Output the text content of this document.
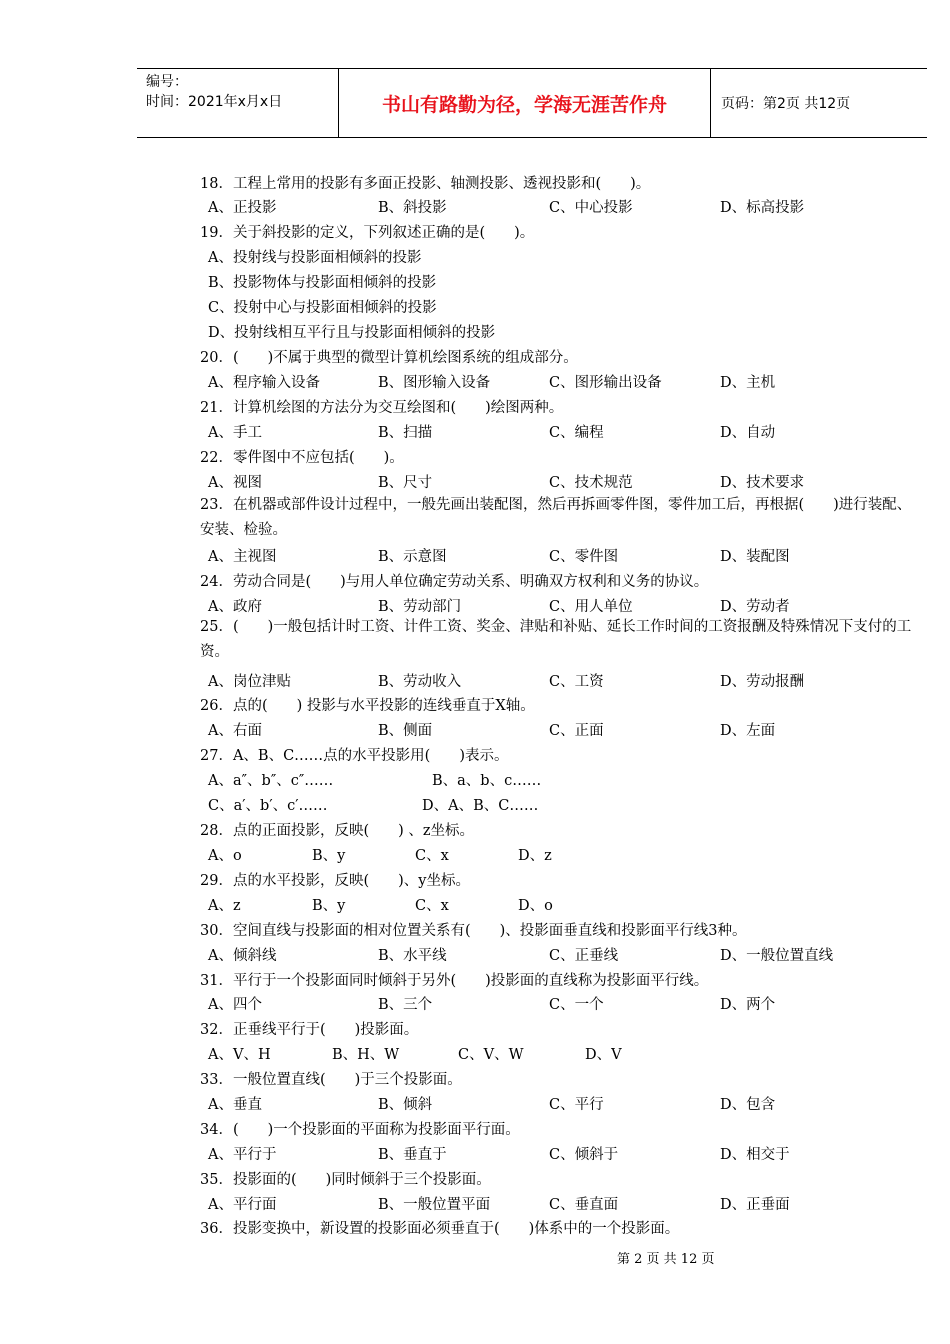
编号：
时间：2021年x月x日	书山有路勤为径，学海无涯苦作舟	页码：第2页 共12页
18．工程上常用的投影有多面正投影、轴测投影、透视投影和(　　)。
A、正投影	B、斜投影	C、中心投影	D、标高投影
19．关于斜投影的定义，下列叙述正确的是(　　)。
A、投射线与投影面相倾斜的投影
B、投影物体与投影面相倾斜的投影
C、投射中心与投影面相倾斜的投影
D、投射线相互平行且与投影面相倾斜的投影
20．(　　)不属于典型的微型计算机绘图系统的组成部分。
A、程序输入设备	B、图形输入设备	C、图形输出设备	D、主机
21．计算机绘图的方法分为交互绘图和(　　)绘图两种。
A、手工	B、扫描	C、编程	D、自动
22．零件图中不应包括(　　)。
A、视图	B、尺寸	C、技术规范	D、技术要求
23．在机器或部件设计过程中，一般先画出装配图，然后再拆画零件图，零件加工后，再根据(　　)进行装配、安装、检验。
A、主视图	B、示意图	C、零件图	D、装配图
24．劳动合同是(　　)与用人单位确定劳动关系、明确双方权利和义务的协议。
A、政府	B、劳动部门	C、用人单位	D、劳动者
25．(　　)一般包括计时工资、计件工资、奖金、津贴和补贴、延长工作时间的工资报酬及特殊情况下支付的工资。
A、岗位津贴	B、劳动收入	C、工资	D、劳动报酬
26．点的(　　) 投影与水平投影的连线垂直于X轴。
A、右面	B、侧面	C、正面	D、左面
27．A、B、C……点的水平投影用(　　)表示。
A、a″、b″、c″……	B、a、b、c……
C、a′、b′、c′……	D、A、B、C……
28．点的正面投影，反映(　　) 、z坐标。
A、o	B、y	C、x	D、z
29．点的水平投影，反映(　　)、y坐标。
A、z	B、y	C、x	D、o
30．空间直线与投影面的相对位置关系有(　　)、投影面垂直线和投影面平行线3种。
A、倾斜线	B、水平线	C、正垂线	D、一般位置直线
31．平行于一个投影面同时倾斜于另外(　　)投影面的直线称为投影面平行线。
A、四个	B、三个	C、一个	D、两个
32．正垂线平行于(　　)投影面。
A、V、H	B、H、W	C、V、W	D、V
33．一般位置直线(　　)于三个投影面。
A、垂直	B、倾斜	C、平行	D、包含
34．(　　)一个投影面的平面称为投影面平行面。
A、平行于	B、垂直于	C、倾斜于	D、相交于
35．投影面的(　　)同时倾斜于三个投影面。
A、平行面	B、一般位置平面	C、垂直面	D、正垂面
36．投影变换中，新设置的投影面必须垂直于(　　)体系中的一个投影面。
第 2 页 共 12 页
